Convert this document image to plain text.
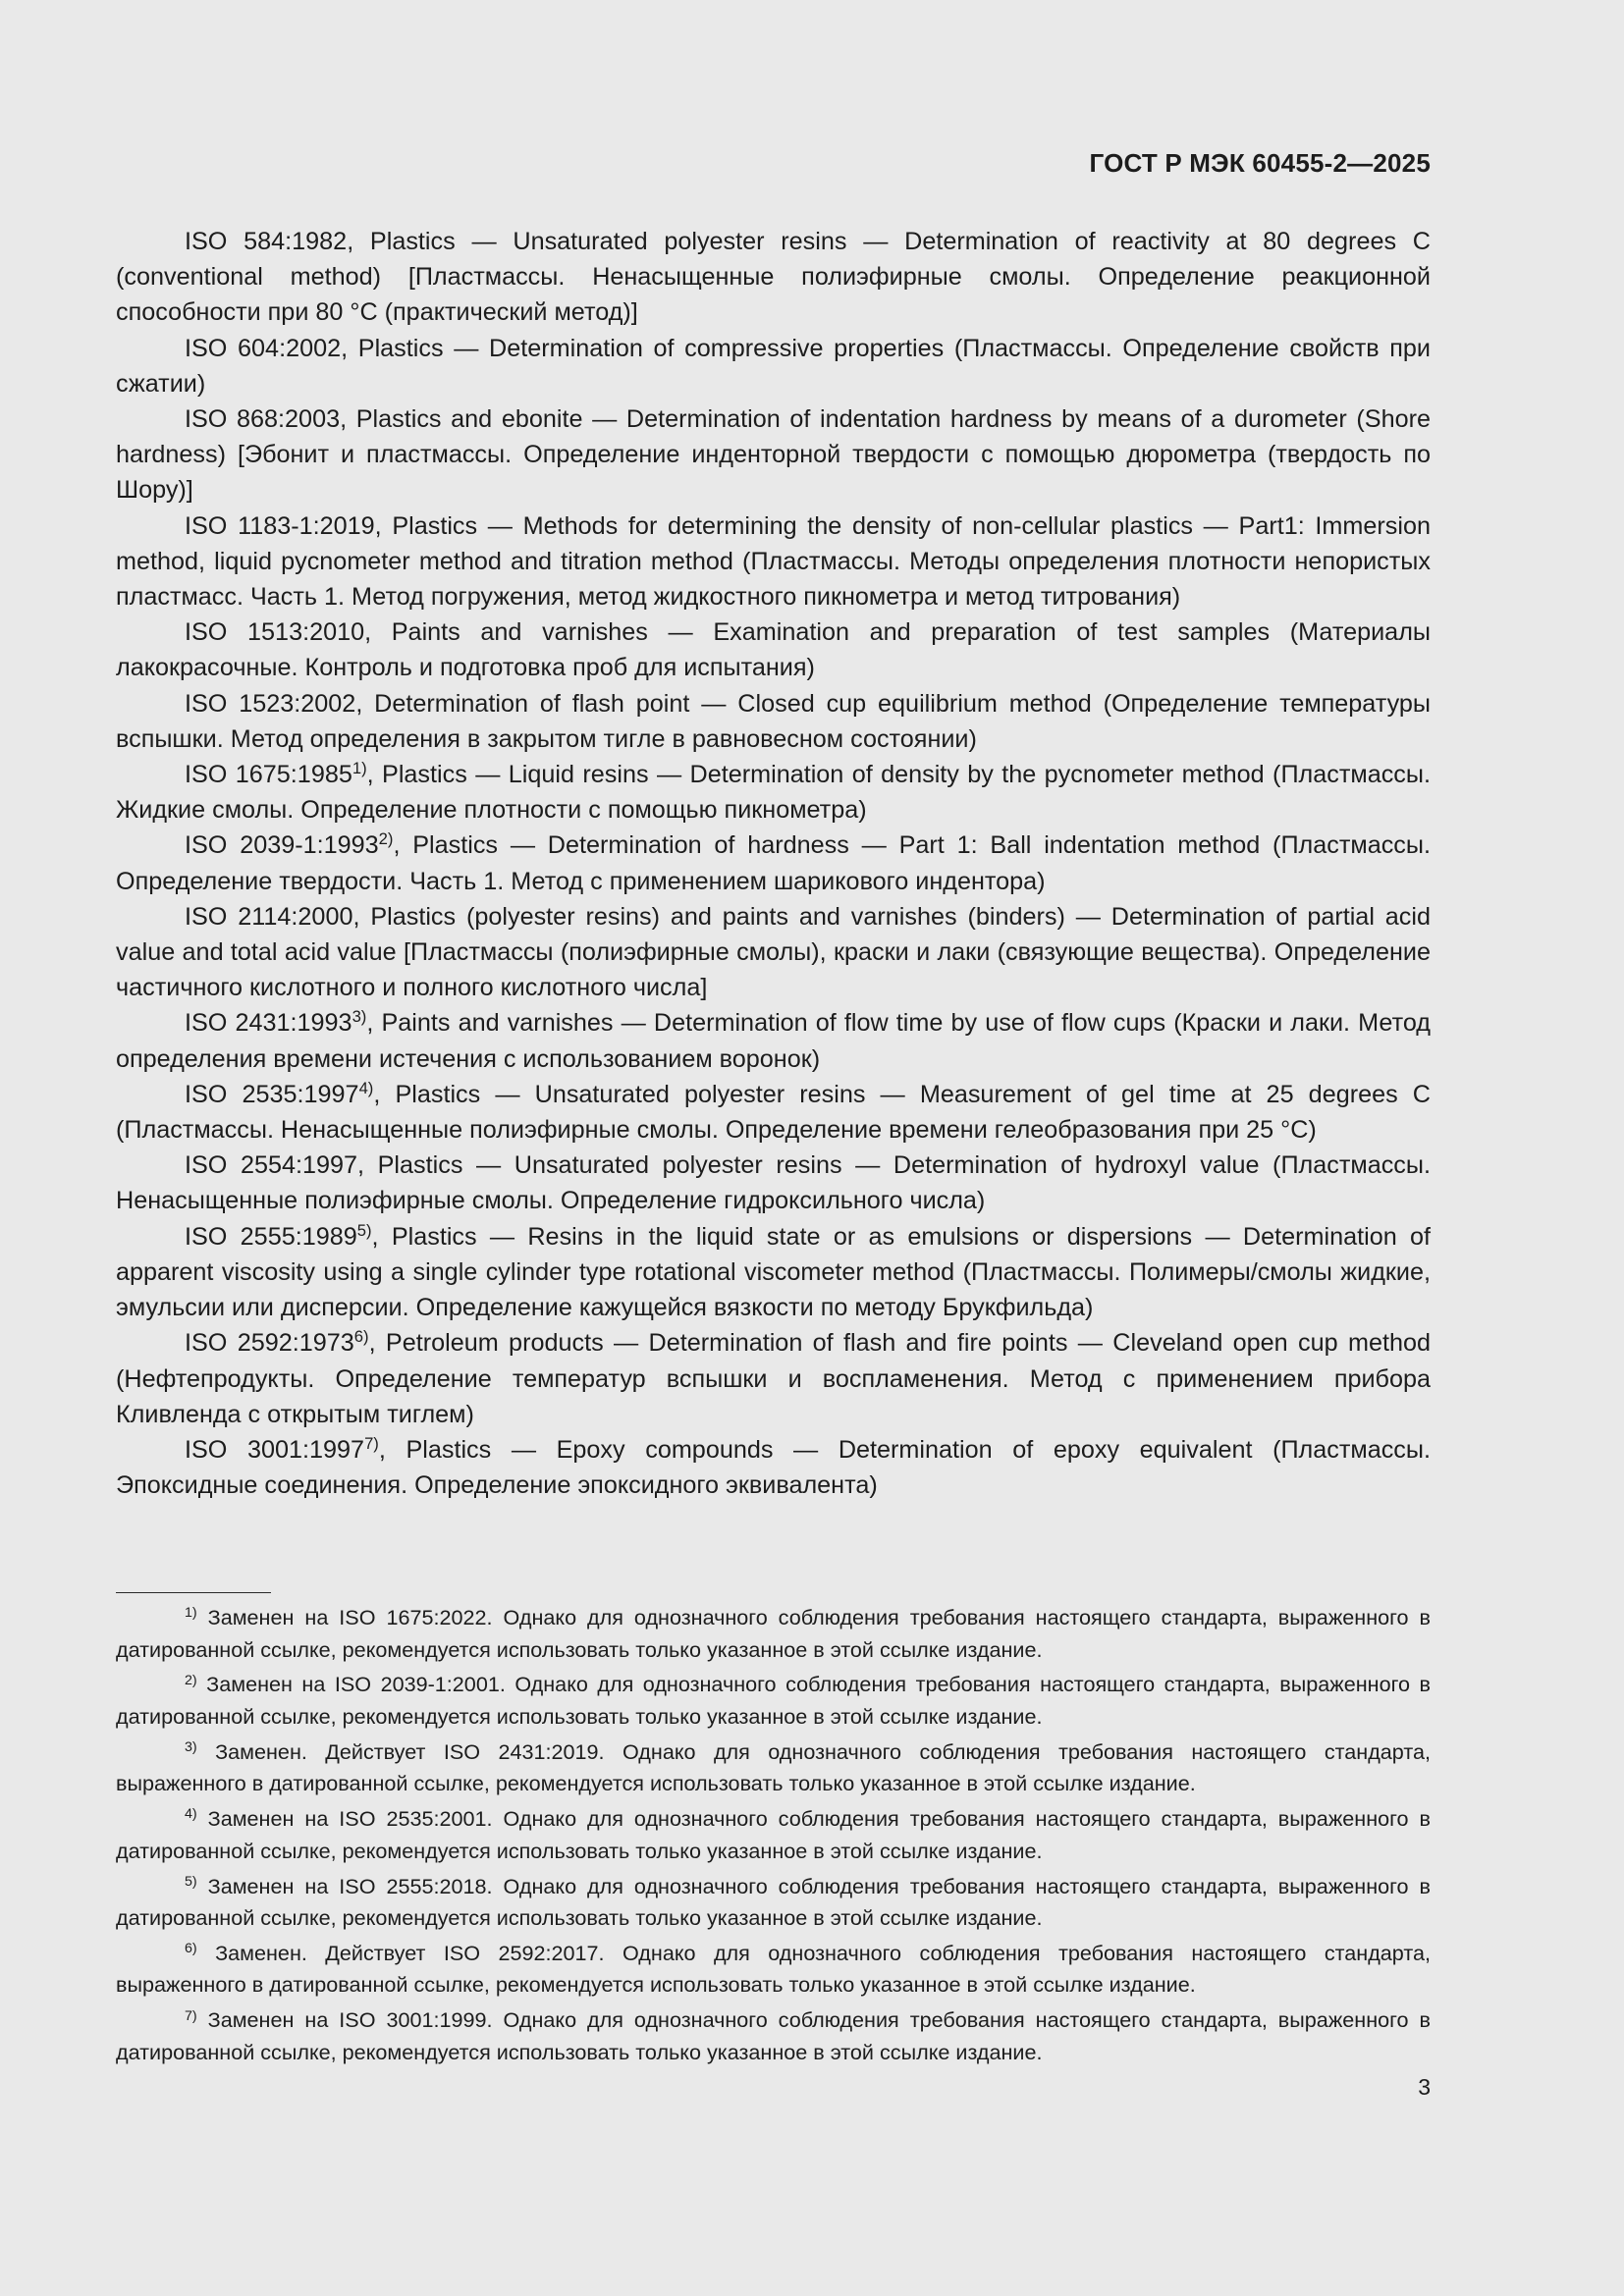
ГОСТ Р МЭК 60455-2—2025

ISO 584:1982, Plastics — Unsaturated polyester resins — Determination of reactivity at 80 degrees C (conventional method) [Пластмассы. Ненасыщенные полиэфирные смолы. Определение реакционной способности при 80 °С (практический метод)]

ISO 604:2002, Plastics — Determination of compressive properties (Пластмассы. Определение свойств при сжатии)

ISO 868:2003, Plastics and ebonite — Determination of indentation hardness by means of a durometer (Shore hardness) [Эбонит и пластмассы. Определение инденторной твердости с помощью дюрометра (твердость по Шору)]

ISO 1183-1:2019, Plastics — Methods for determining the density of non-cellular plastics — Part1: Immersion method, liquid pycnometer method and titration method (Пластмассы. Методы определения плотности непористых пластмасс. Часть 1. Метод погружения, метод жидкостного пикнометра и метод титрования)

ISO 1513:2010, Paints and varnishes — Examination and preparation of test samples (Материалы лакокрасочные. Контроль и подготовка проб для испытания)

ISO 1523:2002, Determination of flash point — Closed cup equilibrium method (Определение температуры вспышки. Метод определения в закрытом тигле в равновесном состоянии)

ISO 1675:1985$^{1)}$, Plastics — Liquid resins — Determination of density by the pycnometer method (Пластмассы. Жидкие смолы. Определение плотности с помощью пикнометра)

ISO 2039-1:1993$^{2)}$, Plastics — Determination of hardness — Part 1: Ball indentation method (Пластмассы. Определение твердости. Часть 1. Метод с применением шарикового индентора)

ISO 2114:2000, Plastics (polyester resins) and paints and varnishes (binders) — Determination of partial acid value and total acid value [Пластмассы (полиэфирные смолы), краски и лаки (связующие вещества). Определение частичного кислотного и полного кислотного числа]

ISO 2431:1993$^{3)}$, Paints and varnishes — Determination of flow time by use of flow cups (Краски и лаки. Метод определения времени истечения с использованием воронок)

ISO 2535:1997$^{4)}$, Plastics — Unsaturated polyester resins — Measurement of gel time at 25 degrees C (Пластмассы. Ненасыщенные полиэфирные смолы. Определение времени гелеобразования при 25 °С)

ISO 2554:1997, Plastics — Unsaturated polyester resins — Determination of hydroxyl value (Пластмассы. Ненасыщенные полиэфирные смолы. Определение гидроксильного числа)

ISO 2555:1989$^{5)}$, Plastics — Resins in the liquid state or as emulsions or dispersions — Determination of apparent viscosity using a single cylinder type rotational viscometer method (Пластмассы. Полимеры/смолы жидкие, эмульсии или дисперсии. Определение кажущейся вязкости по методу Брукфильда)

ISO 2592:1973$^{6)}$, Petroleum products — Determination of flash and fire points — Cleveland open cup method (Нефтепродукты. Определение температур вспышки и воспламенения. Метод с применением прибора Кливленда с открытым тиглем)

ISO 3001:1997$^{7)}$, Plastics — Epoxy compounds — Determination of epoxy equivalent (Пластмассы. Эпоксидные соединения. Определение эпоксидного эквивалента)

$^{1)}$ Заменен на ISO 1675:2022. Однако для однозначного соблюдения требования настоящего стандарта, выраженного в датированной ссылке, рекомендуется использовать только указанное в этой ссылке издание.

$^{2)}$ Заменен на ISO 2039-1:2001. Однако для однозначного соблюдения требования настоящего стандарта, выраженного в датированной ссылке, рекомендуется использовать только указанное в этой ссылке издание.

$^{3)}$ Заменен. Действует ISO 2431:2019. Однако для однозначного соблюдения требования настоящего стандарта, выраженного в датированной ссылке, рекомендуется использовать только указанное в этой ссылке издание.

$^{4)}$ Заменен на ISO 2535:2001. Однако для однозначного соблюдения требования настоящего стандарта, выраженного в датированной ссылке, рекомендуется использовать только указанное в этой ссылке издание.

$^{5)}$ Заменен на ISO 2555:2018. Однако для однозначного соблюдения требования настоящего стандарта, выраженного в датированной ссылке, рекомендуется использовать только указанное в этой ссылке издание.

$^{6)}$ Заменен. Действует ISO 2592:2017. Однако для однозначного соблюдения требования настоящего стандарта, выраженного в датированной ссылке, рекомендуется использовать только указанное в этой ссылке издание.

$^{7)}$ Заменен на ISO 3001:1999. Однако для однозначного соблюдения требования настоящего стандарта, выраженного в датированной ссылке, рекомендуется использовать только указанное в этой ссылке издание.

3
